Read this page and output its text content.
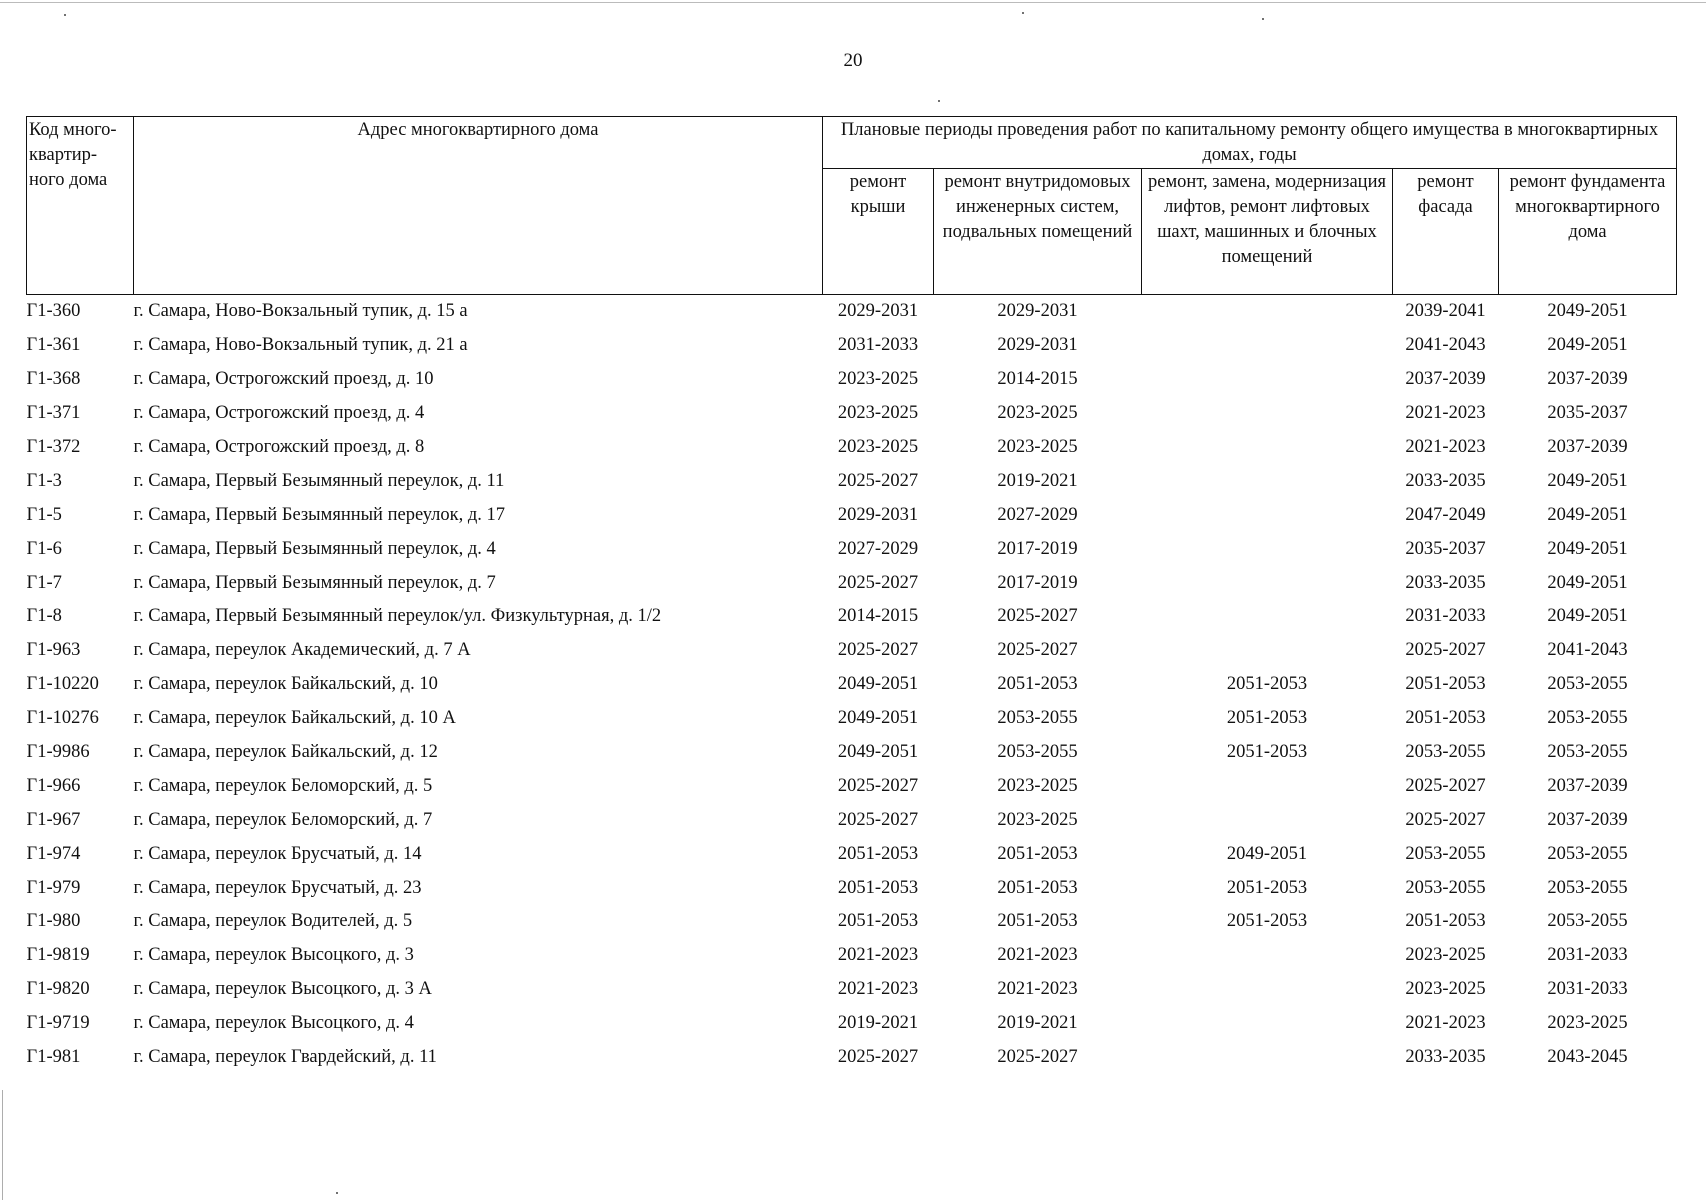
20
Код много-квартир-ного дома	Адрес многоквартирного дома	Плановые периоды проведения работ по капитальному ремонту общего имущества в многоквартирных домах, годы				
		ремонт крыши	ремонт внутридомовых инженерных систем, подвальных помещений	ремонт, замена, модернизация лифтов, ремонт лифтовых шахт, машинных и блочных помещений	ремонт фасада	ремонт фундамента многоквартирного дома
Г1-360	г. Самара, Ново-Вокзальный тупик, д. 15 а	2029-2031	2029-2031		2039-2041	2049-2051
Г1-361	г. Самара, Ново-Вокзальный тупик, д. 21 а	2031-2033	2029-2031		2041-2043	2049-2051
Г1-368	г. Самара, Острогожский проезд, д. 10	2023-2025	2014-2015		2037-2039	2037-2039
Г1-371	г. Самара, Острогожский проезд, д. 4	2023-2025	2023-2025		2021-2023	2035-2037
Г1-372	г. Самара, Острогожский проезд, д. 8	2023-2025	2023-2025		2021-2023	2037-2039
Г1-3	г. Самара, Первый Безымянный переулок, д. 11	2025-2027	2019-2021		2033-2035	2049-2051
Г1-5	г. Самара, Первый Безымянный переулок, д. 17	2029-2031	2027-2029		2047-2049	2049-2051
Г1-6	г. Самара, Первый Безымянный переулок, д. 4	2027-2029	2017-2019		2035-2037	2049-2051
Г1-7	г. Самара, Первый Безымянный переулок, д. 7	2025-2027	2017-2019		2033-2035	2049-2051
Г1-8	г. Самара, Первый Безымянный переулок/ул. Физкультурная, д. 1/2	2014-2015	2025-2027		2031-2033	2049-2051
Г1-963	г. Самара, переулок Академический, д. 7 А	2025-2027	2025-2027		2025-2027	2041-2043
Г1-10220	г. Самара, переулок Байкальский, д. 10	2049-2051	2051-2053	2051-2053	2051-2053	2053-2055
Г1-10276	г. Самара, переулок Байкальский, д. 10 А	2049-2051	2053-2055	2051-2053	2051-2053	2053-2055
Г1-9986	г. Самара, переулок Байкальский, д. 12	2049-2051	2053-2055	2051-2053	2053-2055	2053-2055
Г1-966	г. Самара, переулок Беломорский, д. 5	2025-2027	2023-2025		2025-2027	2037-2039
Г1-967	г. Самара, переулок Беломорский, д. 7	2025-2027	2023-2025		2025-2027	2037-2039
Г1-974	г. Самара, переулок Брусчатый, д. 14	2051-2053	2051-2053	2049-2051	2053-2055	2053-2055
Г1-979	г. Самара, переулок Брусчатый, д. 23	2051-2053	2051-2053	2051-2053	2053-2055	2053-2055
Г1-980	г. Самара, переулок Водителей, д. 5	2051-2053	2051-2053	2051-2053	2051-2053	2053-2055
Г1-9819	г. Самара, переулок Высоцкого, д. 3	2021-2023	2021-2023		2023-2025	2031-2033
Г1-9820	г. Самара, переулок Высоцкого, д. 3 А	2021-2023	2021-2023		2023-2025	2031-2033
Г1-9719	г. Самара, переулок Высоцкого, д. 4	2019-2021	2019-2021		2021-2023	2023-2025
Г1-981	г. Самара, переулок Гвардейский, д. 11	2025-2027	2025-2027		2033-2035	2043-2045
